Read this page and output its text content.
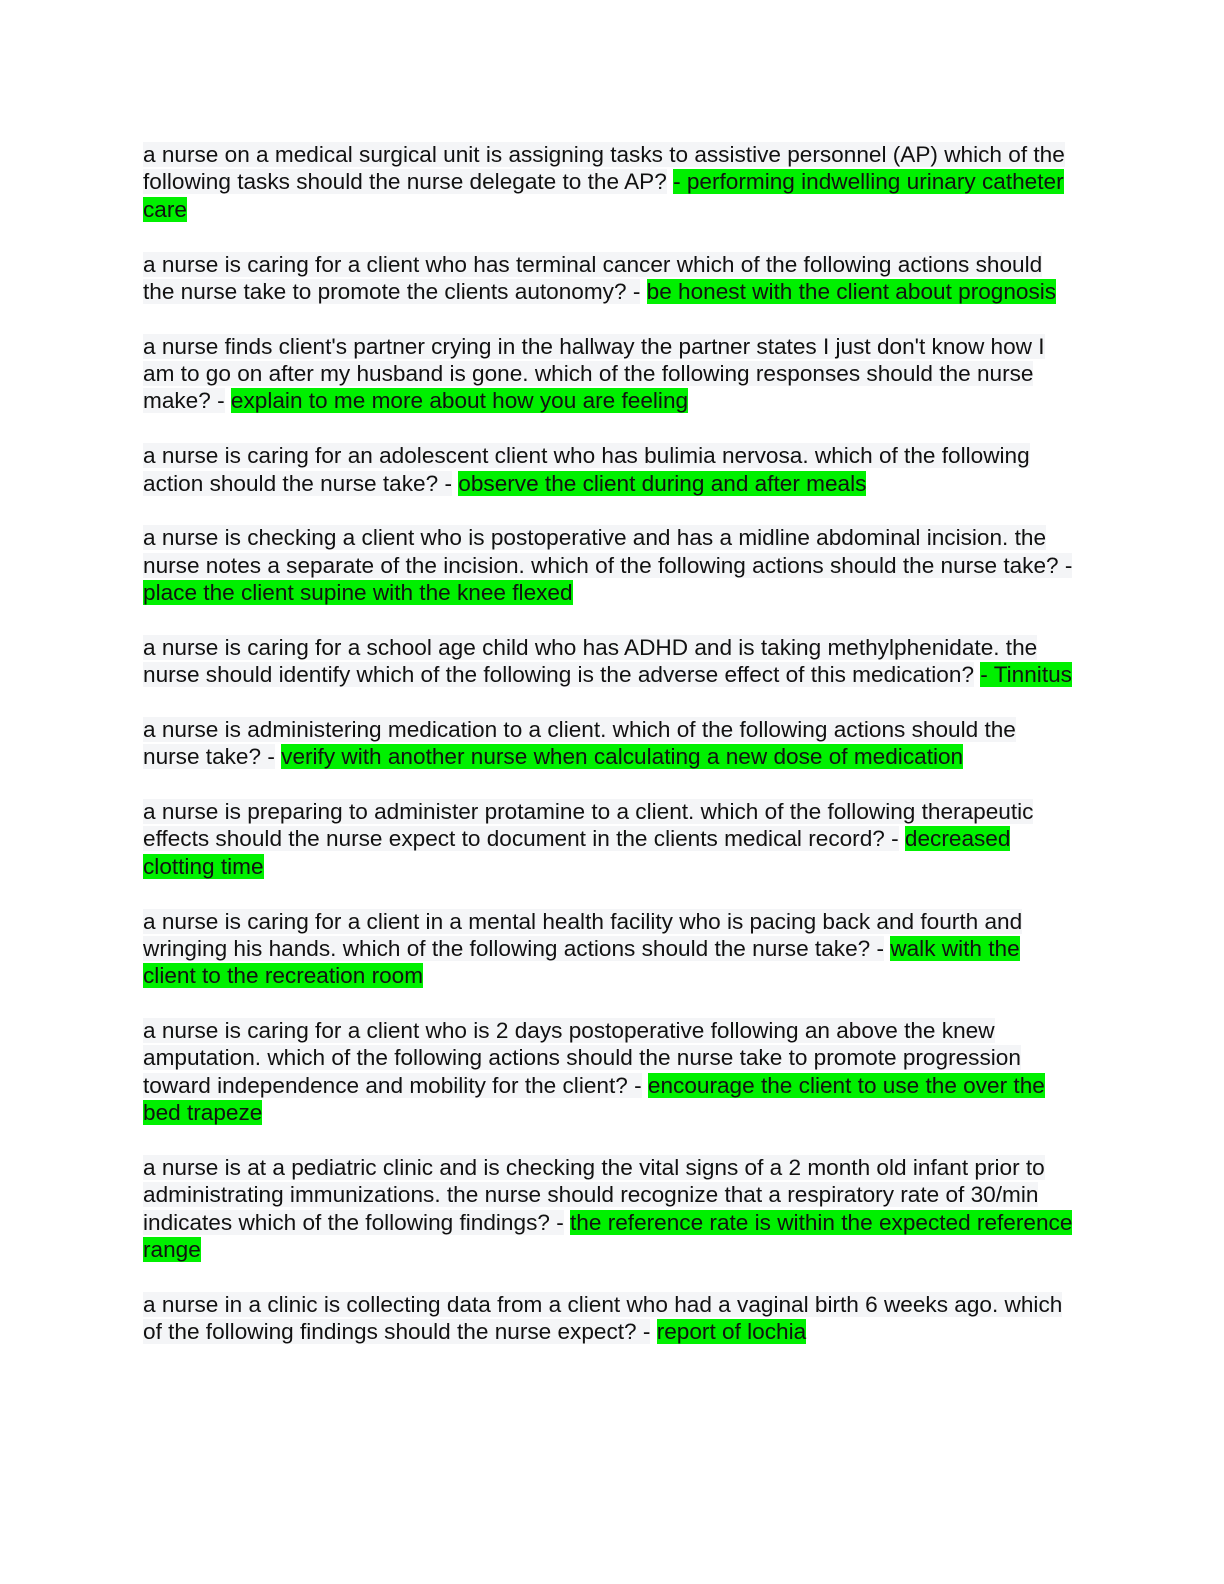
a nurse on a medical surgical unit is assigning tasks to assistive personnel (AP) which of the following tasks should the nurse delegate to the AP? - performing indwelling urinary catheter care

a nurse is caring for a client who has terminal cancer which of the following actions should the nurse take to promote the clients autonomy? - be honest with the client about prognosis

a nurse finds client's partner crying in the hallway the partner states I just don't know how I am to go on after my husband is gone. which of the following responses should the nurse make? - explain to me more about how you are feeling

a nurse is caring for an adolescent client who has bulimia nervosa. which of the following action should the nurse take? - observe the client during and after meals

a nurse is checking a client who is postoperative and has a midline abdominal incision. the nurse notes a separate of the incision. which of the following actions should the nurse take? - place the client supine with the knee flexed

a nurse is caring for a school age child who has ADHD and is taking methylphenidate. the nurse should identify which of the following is the adverse effect of this medication? - Tinnitus

a nurse is administering medication to a client. which of the following actions should the nurse take? - verify with another nurse when calculating a new dose of medication

a nurse is preparing to administer protamine to a client. which of the following therapeutic effects should the nurse expect to document in the clients medical record? - decreased clotting time

a nurse is caring for a client in a mental health facility who is pacing back and fourth and wringing his hands. which of the following actions should the nurse take? - walk with the client to the recreation room

a nurse is caring for a client who is 2 days postoperative following an above the knew amputation. which of the following actions should the nurse take to promote progression toward independence and mobility for the client? - encourage the client to use the over the bed trapeze

a nurse is at a pediatric clinic and is checking the vital signs of a 2 month old infant prior to administrating immunizations. the nurse should recognize that a respiratory rate of 30/min indicates which of the following findings? - the reference rate is within the expected reference range

a nurse in a clinic is collecting data from a client who had a vaginal birth 6 weeks ago. which of the following findings should the nurse expect? - report of lochia
